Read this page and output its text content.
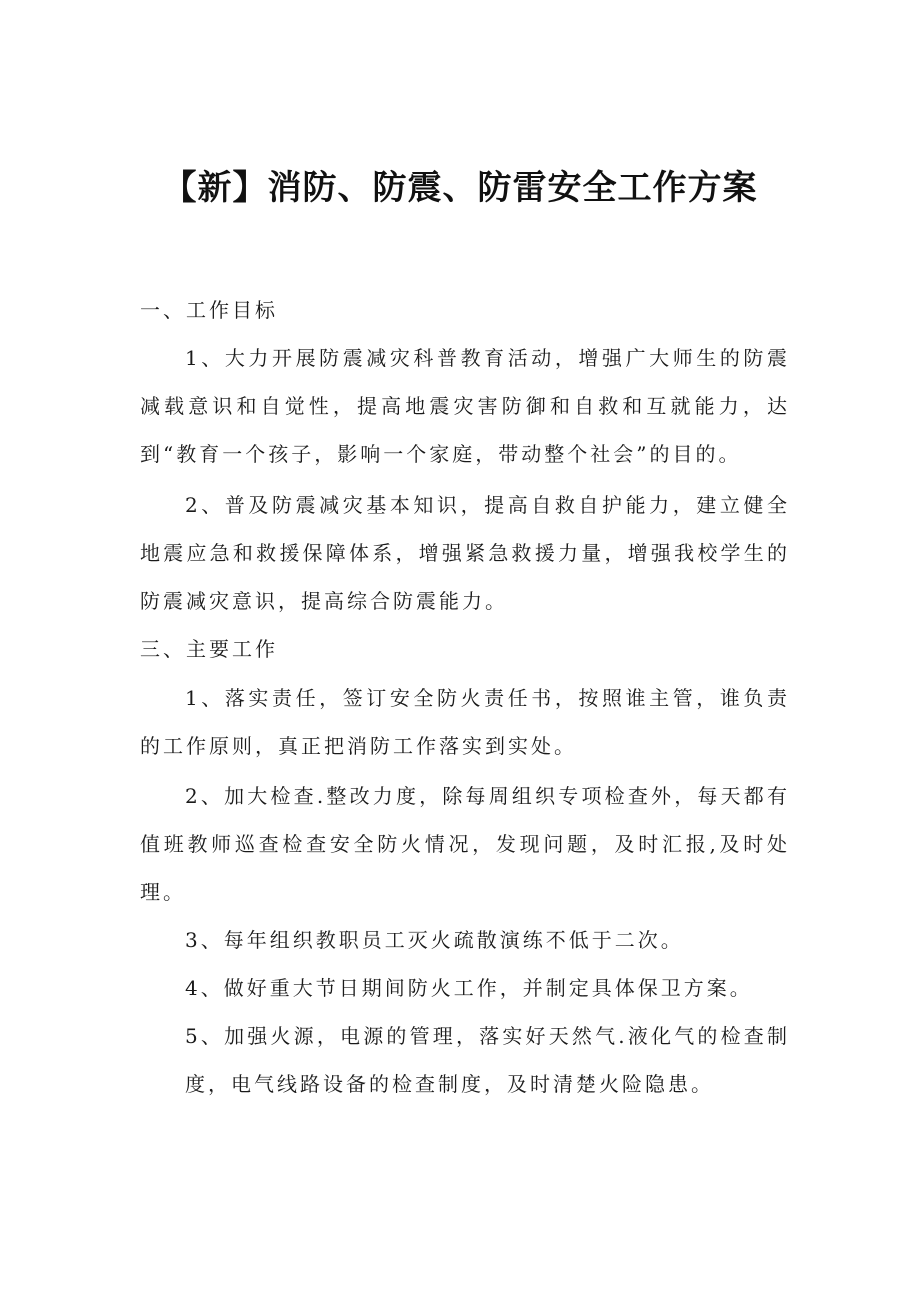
【新】消防、防震、防雷安全工作方案
一、工作目标
1、大力开展防震减灾科普教育活动，增强广大师生的防震减载意识和自觉性，提高地震灾害防御和自救和互就能力，达到“教育一个孩子，影响一个家庭，带动整个社会”的目的。
2、普及防震减灾基本知识，提高自救自护能力，建立健全地震应急和救援保障体系，增强紧急救援力量，增强我校学生的防震减灾意识，提高综合防震能力。
三、主要工作
1、落实责任，签订安全防火责任书，按照谁主管，谁负责的工作原则，真正把消防工作落实到实处。
2、加大检查.整改力度，除每周组织专项检查外，每天都有值班教师巡查检查安全防火情况，发现问题，及时汇报,及时处理。
3、每年组织教职员工灭火疏散演练不低于二次。
4、做好重大节日期间防火工作，并制定具体保卫方案。
5、加强火源，电源的管理，落实好天然气.液化气的检查制度，电气线路设备的检查制度，及时清楚火险隐患。
